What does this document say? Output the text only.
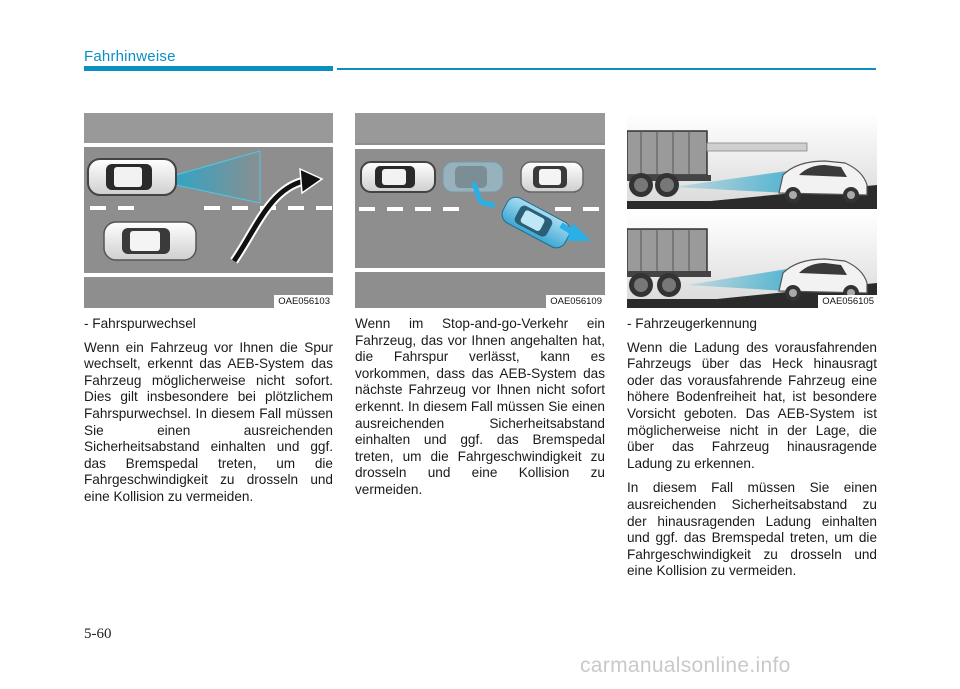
Fahrhinweise
OAE056103	OAE056109	OAE056105

- Fahrspurwechsel

Wenn ein Fahrzeug vor Ihnen die Spur wechselt, erkennt das AEB-System das Fahrzeug möglicherweise nicht sofort. Dies gilt insbesondere bei plötzlichem Fahrspurwechsel. In diesem Fall müssen Sie einen ausreichenden Sicherheitsabstand einhalten und ggf. das Bremspedal treten, um die Fahrgeschwindigkeit zu drosseln und eine Kollision zu vermeiden.

Wenn im Stop-and-go-Verkehr ein Fahrzeug, das vor Ihnen angehalten hat, die Fahrspur verlässt, kann es vorkommen, dass das AEB-System das nächste Fahrzeug vor Ihnen nicht sofort erkennt. In diesem Fall müssen Sie einen ausreichenden Sicherheitsabstand einhalten und ggf. das Bremspedal treten, um die Fahrgeschwindigkeit zu drosseln und eine Kollision zu vermeiden.

- Fahrzeugerkennung

Wenn die Ladung des vorausfahrenden Fahrzeugs über das Heck hinausragt oder das vorausfahrende Fahrzeug eine höhere Bodenfreiheit hat, ist besondere Vorsicht geboten. Das AEB-System ist möglicherweise nicht in der Lage, die über das Fahrzeug hinausragende Ladung zu erkennen.

In diesem Fall müssen Sie einen ausreichenden Sicherheitsabstand zu der hinausragenden Ladung einhalten und ggf. das Bremspedal treten, um die Fahrgeschwindigkeit zu drosseln und eine Kollision zu vermeiden.

5-60
carmanualsonline.info
